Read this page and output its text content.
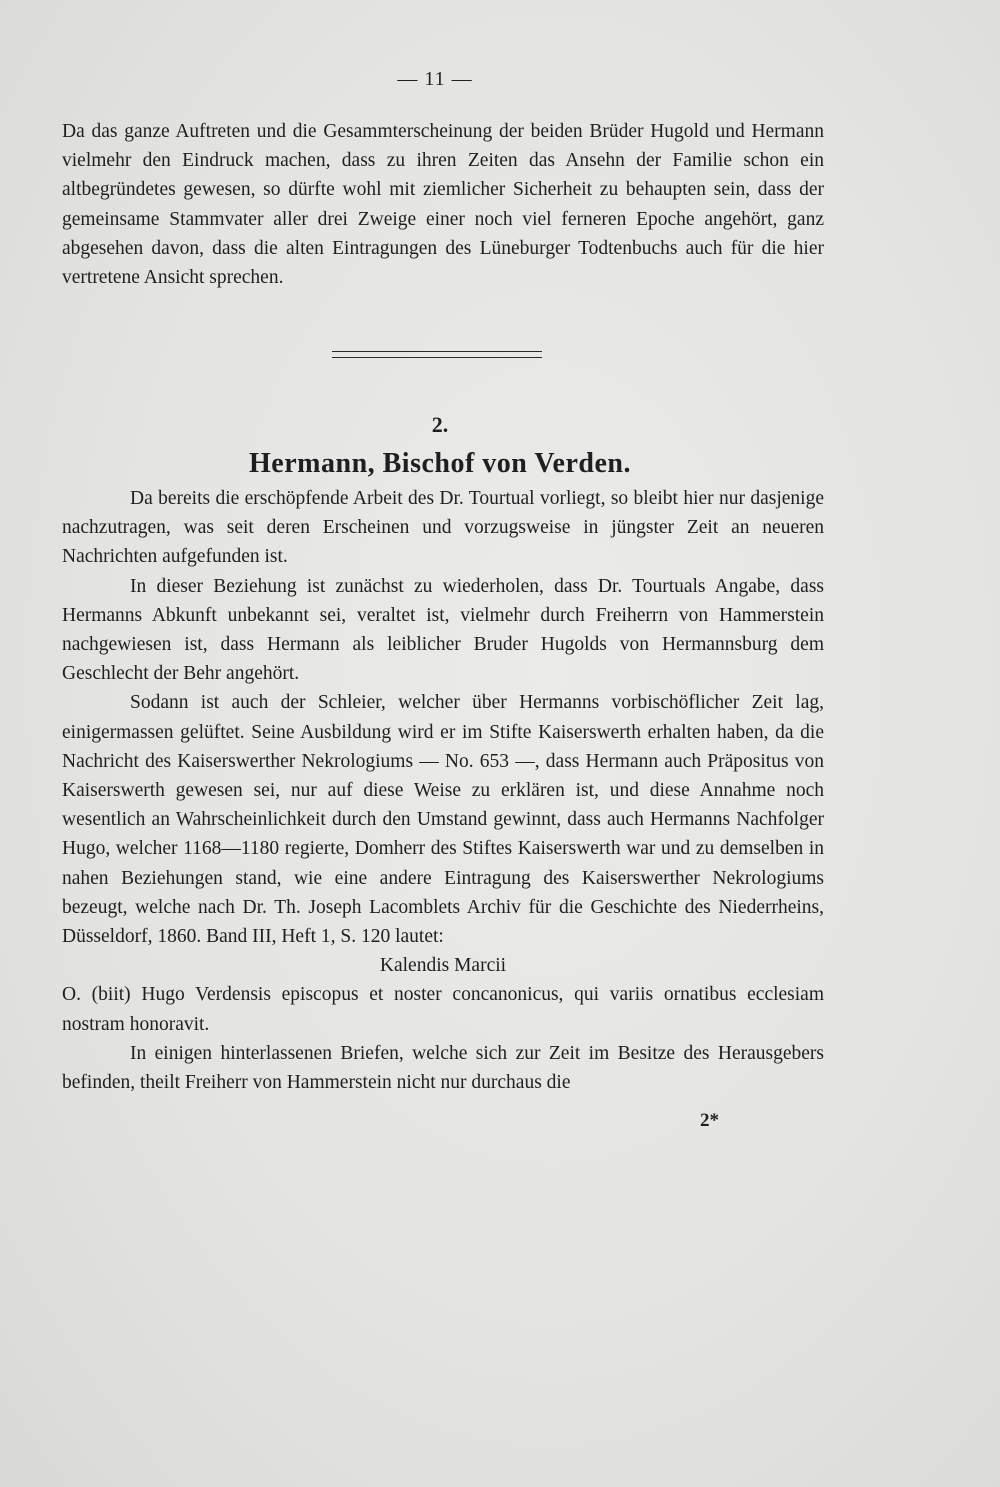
— 11 —

Da das ganze Auftreten und die Gesammterscheinung der beiden Brüder Hugold und Hermann vielmehr den Eindruck machen, dass zu ihren Zeiten das Ansehn der Familie schon ein altbegründetes gewesen, so dürfte wohl mit ziemlicher Sicherheit zu behaupten sein, dass der gemeinsame Stammvater aller drei Zweige einer noch viel ferneren Epoche angehört, ganz abgesehen davon, dass die alten Eintragungen des Lüneburger Todtenbuchs auch für die hier vertretene Ansicht sprechen.

2.
Hermann, Bischof von Verden.

Da bereits die erschöpfende Arbeit des Dr. Tourtual vorliegt, so bleibt hier nur dasjenige nachzutragen, was seit deren Erscheinen und vorzugsweise in jüngster Zeit an neueren Nachrichten aufgefunden ist.

In dieser Beziehung ist zunächst zu wiederholen, dass Dr. Tourtuals Angabe, dass Hermanns Abkunft unbekannt sei, veraltet ist, vielmehr durch Freiherrn von Hammerstein nachgewiesen ist, dass Hermann als leiblicher Bruder Hugolds von Hermannsburg dem Geschlecht der Behr angehört.

Sodann ist auch der Schleier, welcher über Hermanns vorbischöflicher Zeit lag, einigermassen gelüftet. Seine Ausbildung wird er im Stifte Kaiserswerth erhalten haben, da die Nachricht des Kaiserswerther Nekrologiums — No. 653 —, dass Hermann auch Präpositus von Kaiserswerth gewesen sei, nur auf diese Weise zu erklären ist, und diese Annahme noch wesentlich an Wahrscheinlichkeit durch den Umstand gewinnt, dass auch Hermanns Nachfolger Hugo, welcher 1168—1180 regierte, Domherr des Stiftes Kaiserswerth war und zu demselben in nahen Beziehungen stand, wie eine andere Eintragung des Kaiserswerther Nekrologiums bezeugt, welche nach Dr. Th. Joseph Lacomblets Archiv für die Geschichte des Niederrheins, Düsseldorf, 1860. Band III, Heft 1, S. 120 lautet:

Kalendis Marcii

O. (biit) Hugo Verdensis episcopus et noster concanonicus, qui variis ornatibus ecclesiam nostram honoravit.

In einigen hinterlassenen Briefen, welche sich zur Zeit im Besitze des Herausgebers befinden, theilt Freiherr von Hammerstein nicht nur durchaus die

2*
